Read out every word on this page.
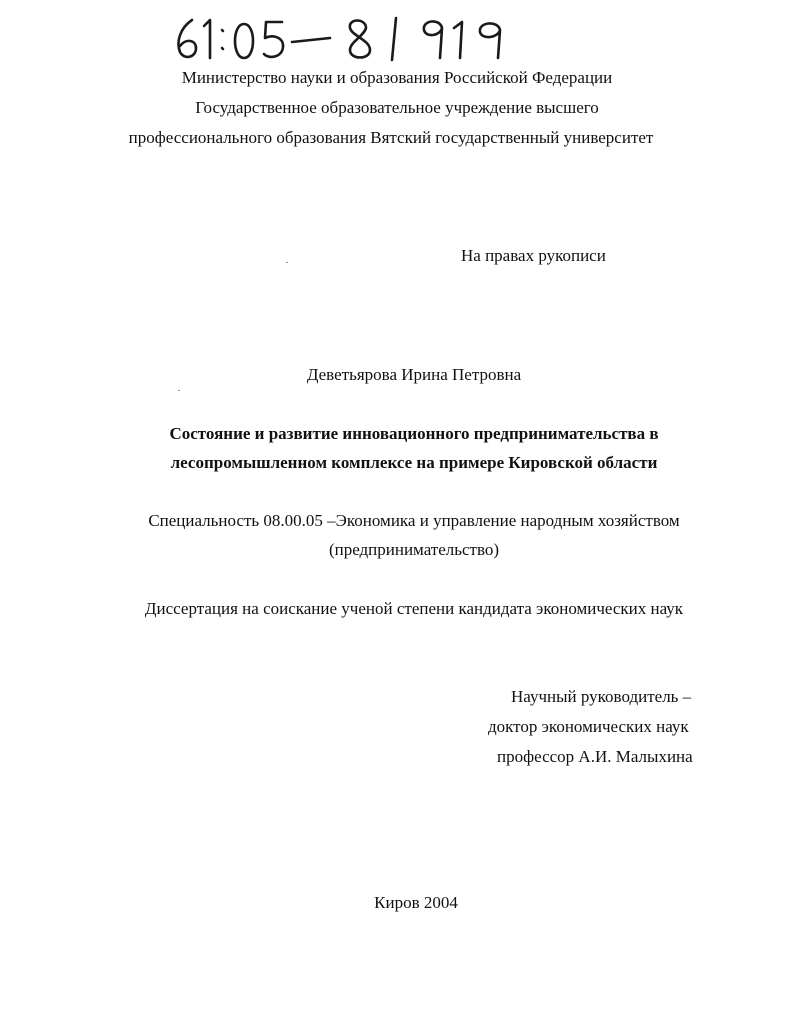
Министерство науки и образования Российской Федерации
Государственное образовательное учреждение высшего
профессионального образования Вятский государственный университет
На правах рукописи
Деветьярова Ирина Петровна
Состояние и развитие инновационного предпринимательства в
лесопромышленном комплексе на примере Кировской области
Специальность 08.00.05 –Экономика и управление народным хозяйством
(предпринимательство)
Диссертация на соискание ученой степени кандидата экономических наук
Научный руководитель –
доктор экономических наук
профессор А.И. Малыхина
Киров 2004
